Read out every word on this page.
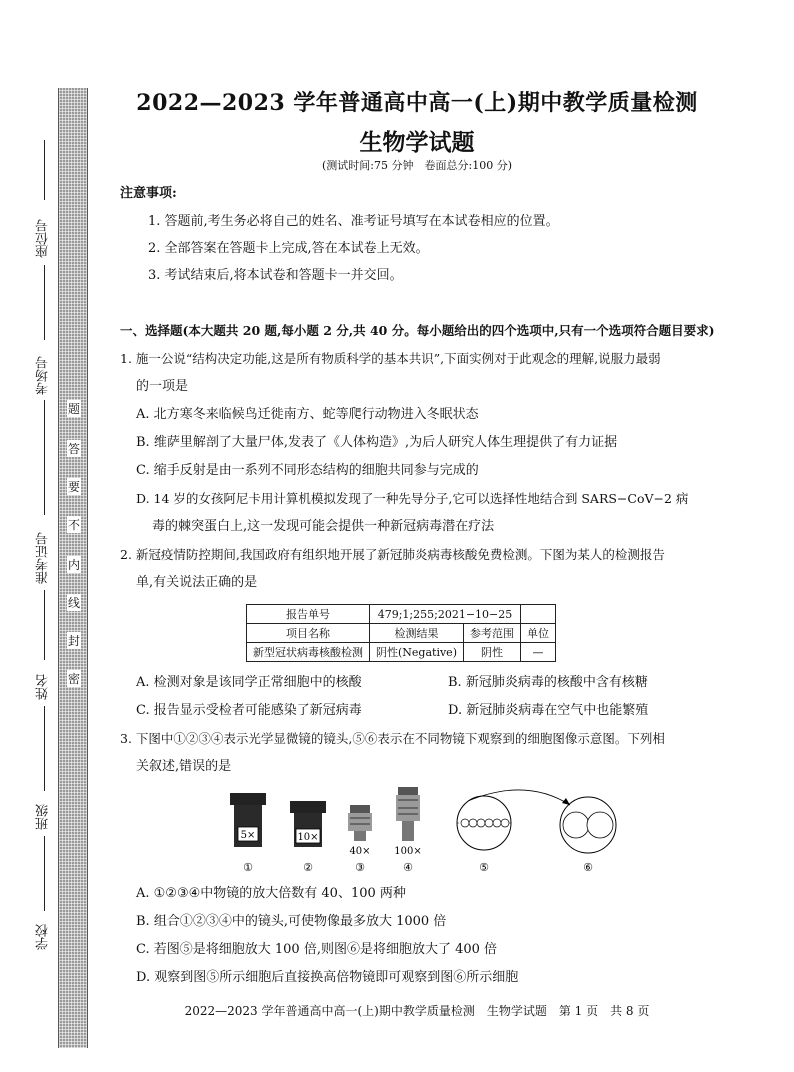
座位号
考场号
准考证号
姓名
班级
学校
题
答
要
不
内
线
封
密
2022—2023 学年普通高中高一(上)期中教学质量检测
生物学试题
(测试时间:75 分钟　卷面总分:100 分)
注意事项:
1. 答题前,考生务必将自己的姓名、准考证号填写在本试卷相应的位置。
2. 全部答案在答题卡上完成,答在本试卷上无效。
3. 考试结束后,将本试卷和答题卡一并交回。
一、选择题(本大题共 20 题,每小题 2 分,共 40 分。每小题给出的四个选项中,只有一个选项符合题目要求)
1. 施一公说“结构决定功能,这是所有物质科学的基本共识”,下面实例对于此观念的理解,说服力最弱
的一项是
A. 北方寒冬来临候鸟迁徙南方、蛇等爬行动物进入冬眠状态
B. 维萨里解剖了大量尸体,发表了《人体构造》,为后人研究人体生理提供了有力证据
C. 缩手反射是由一系列不同形态结构的细胞共同参与完成的
D. 14 岁的女孩阿尼卡用计算机模拟发现了一种先导分子,它可以选择性地结合到 SARS−CoV−2 病
毒的棘突蛋白上,这一发现可能会提供一种新冠病毒潜在疗法
2. 新冠疫情防控期间,我国政府有组织地开展了新冠肺炎病毒核酸免费检测。下图为某人的检测报告
单,有关说法正确的是
报告单号	479;1;255;2021−10−25		
项目名称	检测结果	参考范围	单位
新型冠状病毒核酸检测	阴性(Negative)	阴性	—
A. 检测对象是该同学正常细胞中的核酸	B. 新冠肺炎病毒的核酸中含有核糖
C. 报告显示受检者可能感染了新冠病毒	D. 新冠肺炎病毒在空气中也能繁殖
3. 下图中①②③④表示光学显微镜的镜头,⑤⑥表示在不同物镜下观察到的细胞图像示意图。下列相
关叙述,错误的是
5×	10×
40× 100×
①	②	③	④	⑤	⑥
A. ①②③④中物镜的放大倍数有 40、100 两种
B. 组合①②③④中的镜头,可使物像最多放大 1000 倍
C. 若图⑤是将细胞放大 100 倍,则图⑥是将细胞放大了 400 倍
D. 观察到图⑤所示细胞后直接换高倍物镜即可观察到图⑥所示细胞
2022—2023 学年普通高中高一(上)期中教学质量检测　生物学试题　第 1 页　共 8 页
